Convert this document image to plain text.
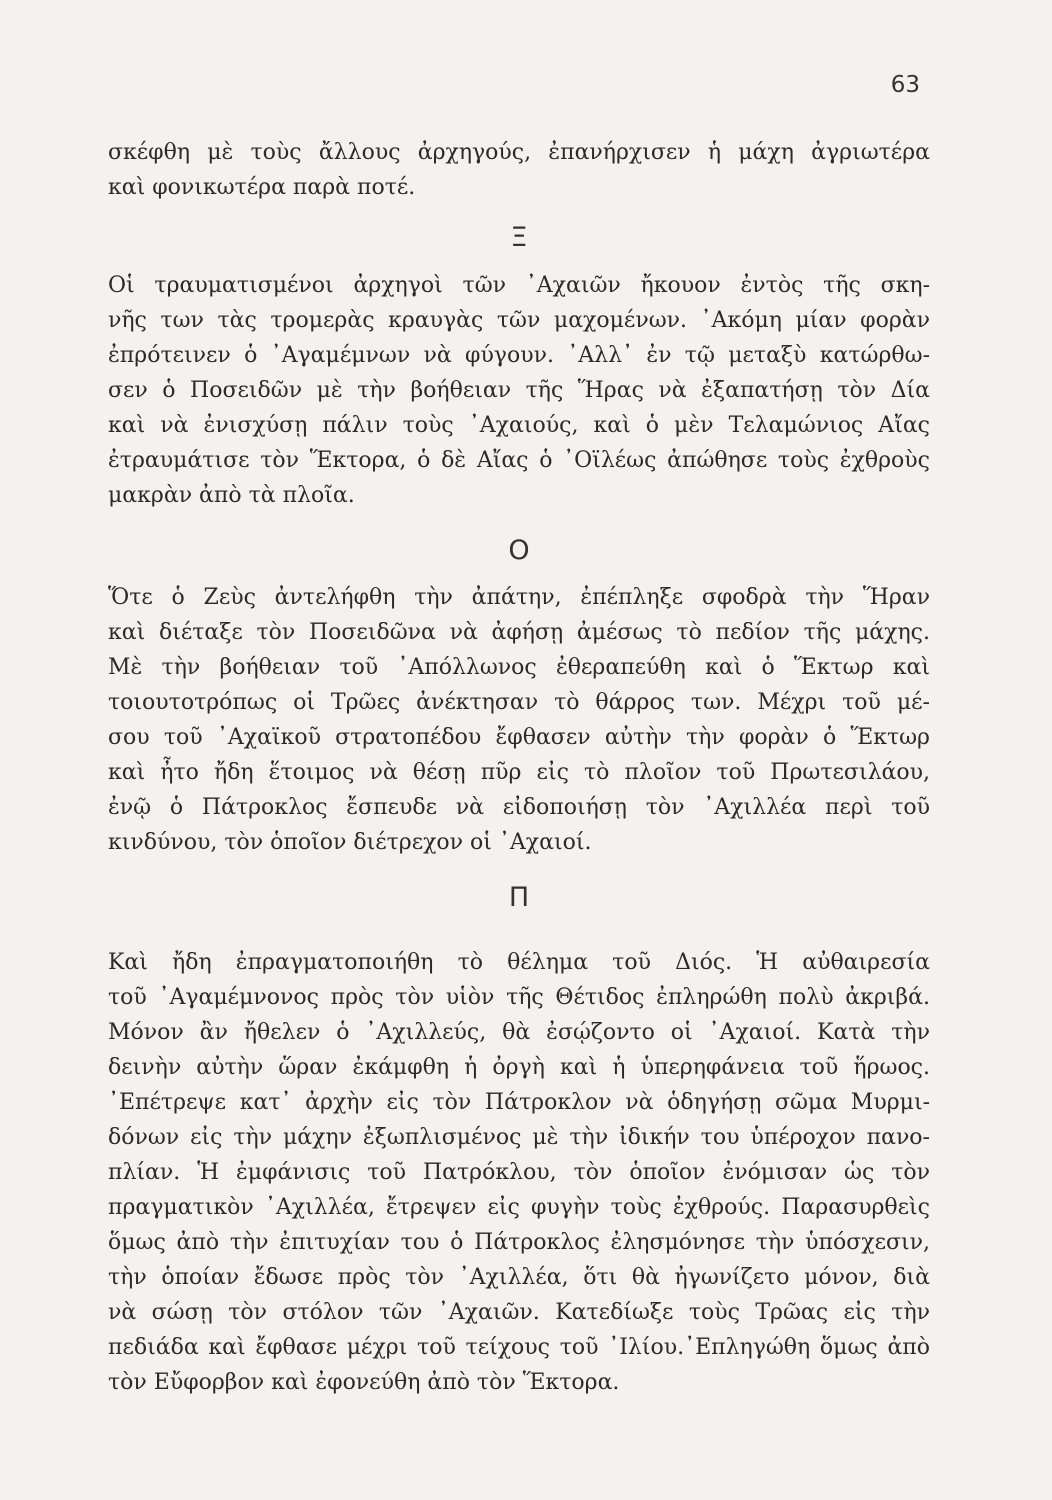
63
σκέφθη μὲ τοὺς ἄλλους ἀρχηγούς, ἐπανήρχισεν ἡ μάχη ἀγριωτέρα
καὶ φονικωτέρα παρὰ ποτέ.
Ξ
Οἱ τραυματισμένοι ἀρχηγοὶ τῶν ᾿Αχαιῶν ἤκουον ἐντὸς τῆς σκη-
νῆς των τὰς τρομερὰς κραυγὰς τῶν μαχομένων. ᾿Ακόμη μίαν φορὰν
ἐπρότεινεν ὁ ᾿Αγαμέμνων νὰ φύγουν. ᾿Αλλ᾿ ἐν τῷ μεταξὺ κατώρθω-
σεν ὁ Ποσειδῶν μὲ τὴν βοήθειαν τῆς Ἥρας νὰ ἐξαπατήσῃ τὸν Δία
καὶ νὰ ἐνισχύσῃ πάλιν τοὺς ᾿Αχαιούς, καὶ ὁ μὲν Τελαμώνιος Αἴας
ἐτραυμάτισε τὸν Ἕκτορα, ὁ δὲ Αἴας ὁ ᾿Οϊλέως ἀπώθησε τοὺς ἐχθροὺς
μακρὰν ἀπὸ τὰ πλοῖα.
Ο
Ὅτε ὁ Ζεὺς ἀντελήφθη τὴν ἀπάτην, ἐπέπληξε σφοδρὰ τὴν Ἥραν
καὶ διέταξε τὸν Ποσειδῶνα νὰ ἀφήσῃ ἀμέσως τὸ πεδίον τῆς μάχης.
Μὲ τὴν βοήθειαν τοῦ ᾿Απόλλωνος ἐθεραπεύθη καὶ ὁ Ἕκτωρ καὶ
τοιουτοτρόπως οἱ Τρῶες ἀνέκτησαν τὸ θάρρος των. Μέχρι τοῦ μέ-
σου τοῦ ᾿Αχαϊκοῦ στρατοπέδου ἔφθασεν αὐτὴν τὴν φορὰν ὁ Ἕκτωρ
καὶ ἦτο ἤδη ἕτοιμος νὰ θέσῃ πῦρ εἰς τὸ πλοῖον τοῦ Πρωτεσιλάου,
ἐνῷ ὁ Πάτροκλος ἔσπευδε νὰ εἰδοποιήσῃ τὸν ᾿Αχιλλέα περὶ τοῦ
κινδύνου, τὸν ὁποῖον διέτρεχον οἱ ᾿Αχαιοί.
Π
Καὶ ἤδη ἐπραγματοποιήθη τὸ θέλημα τοῦ Διός. Ἡ αὐθαιρεσία
τοῦ ᾿Αγαμέμνονος πρὸς τὸν υἱὸν τῆς Θέτιδος ἐπληρώθη πολὺ ἀκριβά.
Μόνον ἂν ἤθελεν ὁ ᾿Αχιλλεύς, θὰ ἐσῴζοντο οἱ ᾿Αχαιοί. Κατὰ τὴν
δεινὴν αὐτὴν ὥραν ἐκάμφθη ἡ ὀργὴ καὶ ἡ ὑπερηφάνεια τοῦ ἥρωος.
᾿Επέτρεψε κατ᾿ ἀρχὴν εἰς τὸν Πάτροκλον νὰ ὁδηγήσῃ σῶμα Μυρμι-
δόνων εἰς τὴν μάχην ἐξωπλισμένος μὲ τὴν ἰδικήν του ὑπέροχον πανο-
πλίαν. Ἡ ἐμφάνισις τοῦ Πατρόκλου, τὸν ὁποῖον ἐνόμισαν ὡς τὸν
πραγματικὸν ᾿Αχιλλέα, ἔτρεψεν εἰς φυγὴν τοὺς ἐχθρούς. Παρασυρθεὶς
ὅμως ἀπὸ τὴν ἐπιτυχίαν του ὁ Πάτροκλος ἐλησμόνησε τὴν ὑπόσχεσιν,
τὴν ὁποίαν ἔδωσε πρὸς τὸν ᾿Αχιλλέα, ὅτι θὰ ἠγωνίζετο μόνον, διὰ
νὰ σώσῃ τὸν στόλον τῶν ᾿Αχαιῶν. Κατεδίωξε τοὺς Τρῶας εἰς τὴν
πεδιάδα καὶ ἔφθασε μέχρι τοῦ τείχους τοῦ ᾿Ιλίου.᾿Επληγώθη ὅμως ἀπὸ
τὸν Εὔφορβον καὶ ἐφονεύθη ἀπὸ τὸν Ἕκτορα.
